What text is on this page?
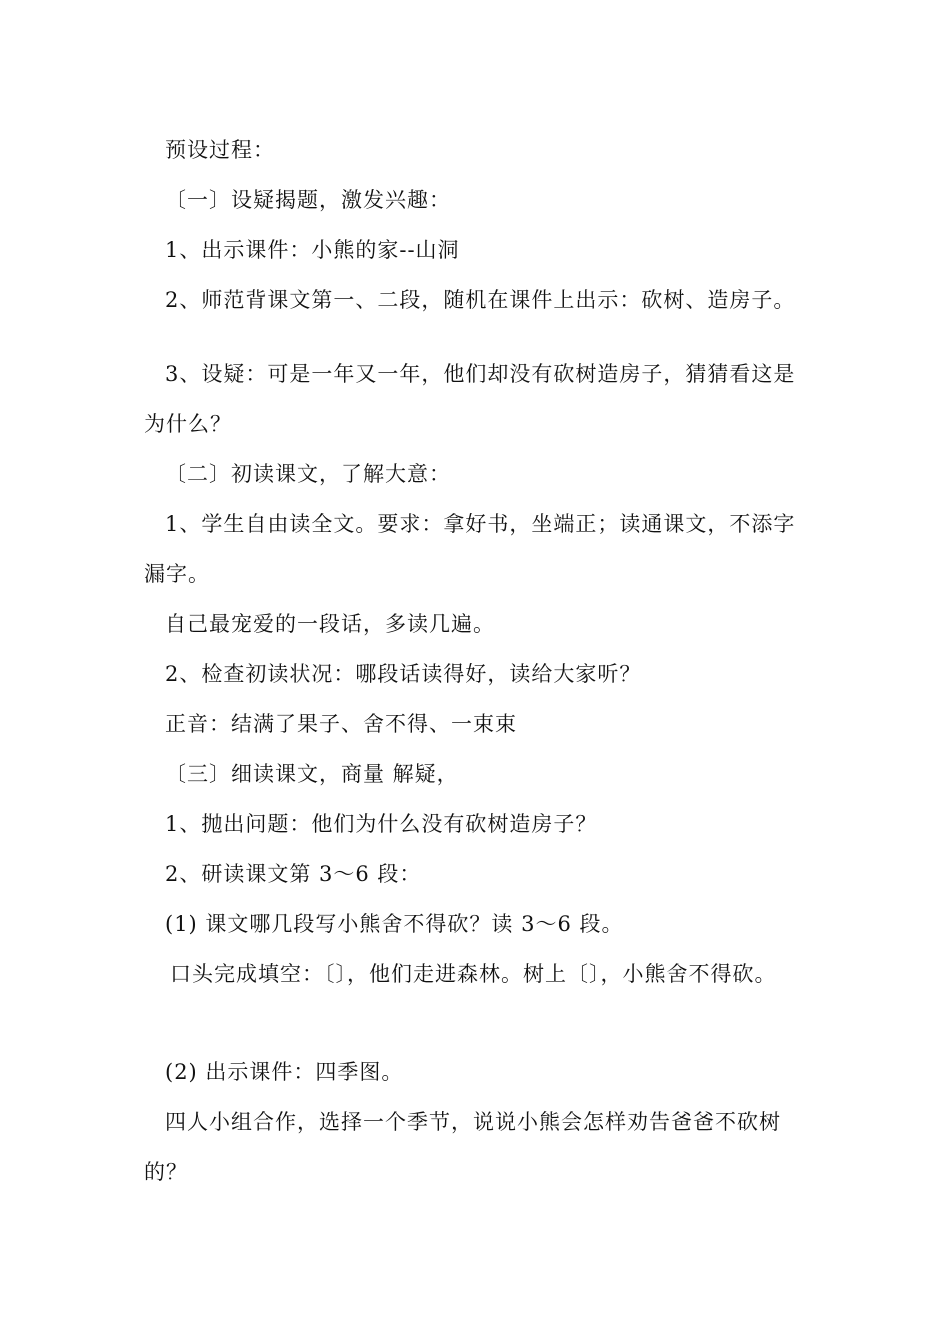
预设过程：
〔一〕设疑揭题，激发兴趣：
1、出示课件：小熊的家--山洞
2、师范背课文第一、二段，随机在课件上出示：砍树、造房子。
3、设疑：可是一年又一年，他们却没有砍树造房子，猜猜看这是
为什么？
〔二〕初读课文，了解大意：
1、学生自由读全文。要求：拿好书，坐端正；读通课文，不添字
漏字。
自己最宠爱的一段话，多读几遍。
2、检查初读状况：哪段话读得好，读给大家听？
正音：结满了果子、舍不得、一束束
〔三〕细读课文，商量 解疑，
1、抛出问题：他们为什么没有砍树造房子？
2、研读课文第 3～6 段：
(1) 课文哪几段写小熊舍不得砍？读 3～6 段。
口头完成填空：〔〕，他们走进森林。树上〔〕，小熊舍不得砍。
(2) 出示课件：四季图。
四人小组合作，选择一个季节，说说小熊会怎样劝告爸爸不砍树
的？
